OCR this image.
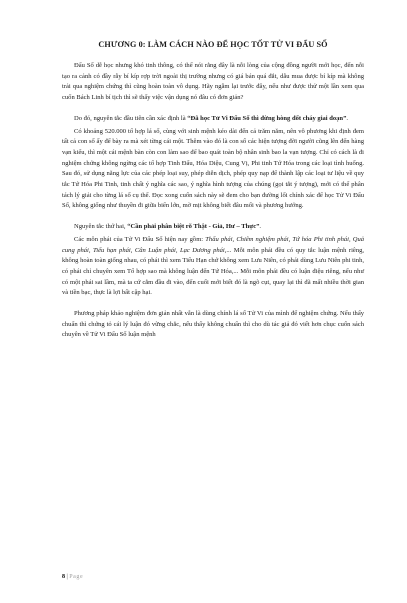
CHƯƠNG 0: LÀM CÁCH NÀO ĐỂ HỌC TỐT TỬ VI ĐẨU SỐ

Đẩu Số dễ học nhưng khó tinh thông, có thể nói rằng đây là nỗi lòng của cộng đồng người mới học, đến nỗi tạo ra cảnh có đầy rẫy bí kíp rợp trời ngoài thị trường nhưng có giá bán quá đắt, dẫu mua được bí kíp mà không trải qua nghiệm chứng thì cũng hoàn toàn vô dụng. Hãy ngẫm lại trước đây, nếu như được thử một lần xem qua cuốn Bách Linh bí tịch thì sẽ thấy việc vận dụng nó đâu có đơn giản?

Do đó, nguyên tắc đầu tiên cần xác định là “Đã học Tử Vi Đẩu Số thì đừng hòng đốt cháy giai đoạn”.

Có khoảng 520.000 tổ hợp lá số, cùng với sinh mệnh kéo dài đến cả trăm năm, nên vô phương khi định đem tất cả con số ấy để bày ra mà xét từng cái một. Thêm vào đó là con số các hiện tượng đời người cũng lên đến hàng vạn kiểu, thì một cái mệnh bàn còn con làm sao để bao quát toàn bộ nhân sinh bao la vạn tượng. Chỉ có cách là đi nghiệm chứng không ngừng các tổ hợp Tinh Đẩu, Hóa Diệu, Cung Vị, Phi tinh Tứ Hóa trong các loại tình huống. Sau đó, sử dụng năng lực của các phép loại suy, phép diễn dịch, phép quy nạp để thành lập các loại tư liệu về quy tắc Tứ Hóa Phi Tinh, tinh chất ý nghĩa các sao, ý nghĩa hình tượng của chúng (gọi tắt ý tượng), mới có thể phân tách lý giải cho từng lá số cụ thể. Đọc xong cuốn sách này sẽ đem cho bạn đường lối chính xác để học Tử Vi Đẩu Số, không giống như thuyền đi giữa biển lớn, mờ mịt không biết đâu mối và phương hướng.

Nguyên tắc thứ hai, “Cần phải phân biệt rõ Thật - Giả, Hư – Thực”.

Các môn phái của Tử Vi Đẩu Số hiện nay gồm: Thẩu phái, Chiêm nghiệm phái, Tứ hóa Phi tinh phái, Quả cung phái, Tiểu hạn phái, Cân Luận phái, Lạc Dương phái,... Mỗi môn phái đều có quy tắc luận mệnh riêng, không hoàn toàn giống nhau, có phái thì xem Tiểu Hạn chứ không xem Lưu Niên, có phái dùng Lưu Niên phi tinh, có phái chỉ chuyên xem Tổ hợp sao mà không luận đến Tứ Hóa,... Mỗi môn phái đều có luận điệu riêng, nếu như có một phái sai lầm, mà ta cứ cắm đầu đi vào, đến cuối mới biết đó là ngõ cụt, quay lại thì đã mất nhiều thời gian và tiền bạc, thực là lợi bất cập hại.

Phương pháp khảo nghiệm đơn giản nhất vẫn là dùng chính lá số Tử Vi của mình để nghiệm chứng. Nếu thấy chuẩn thì chứng tỏ cái lý luận đó vững chắc, nếu thấy không chuẩn thì cho dù tác giả đó viết hơn chục cuốn sách chuyên về Tử Vi Đẩu Số luận mệnh

8 | Page
